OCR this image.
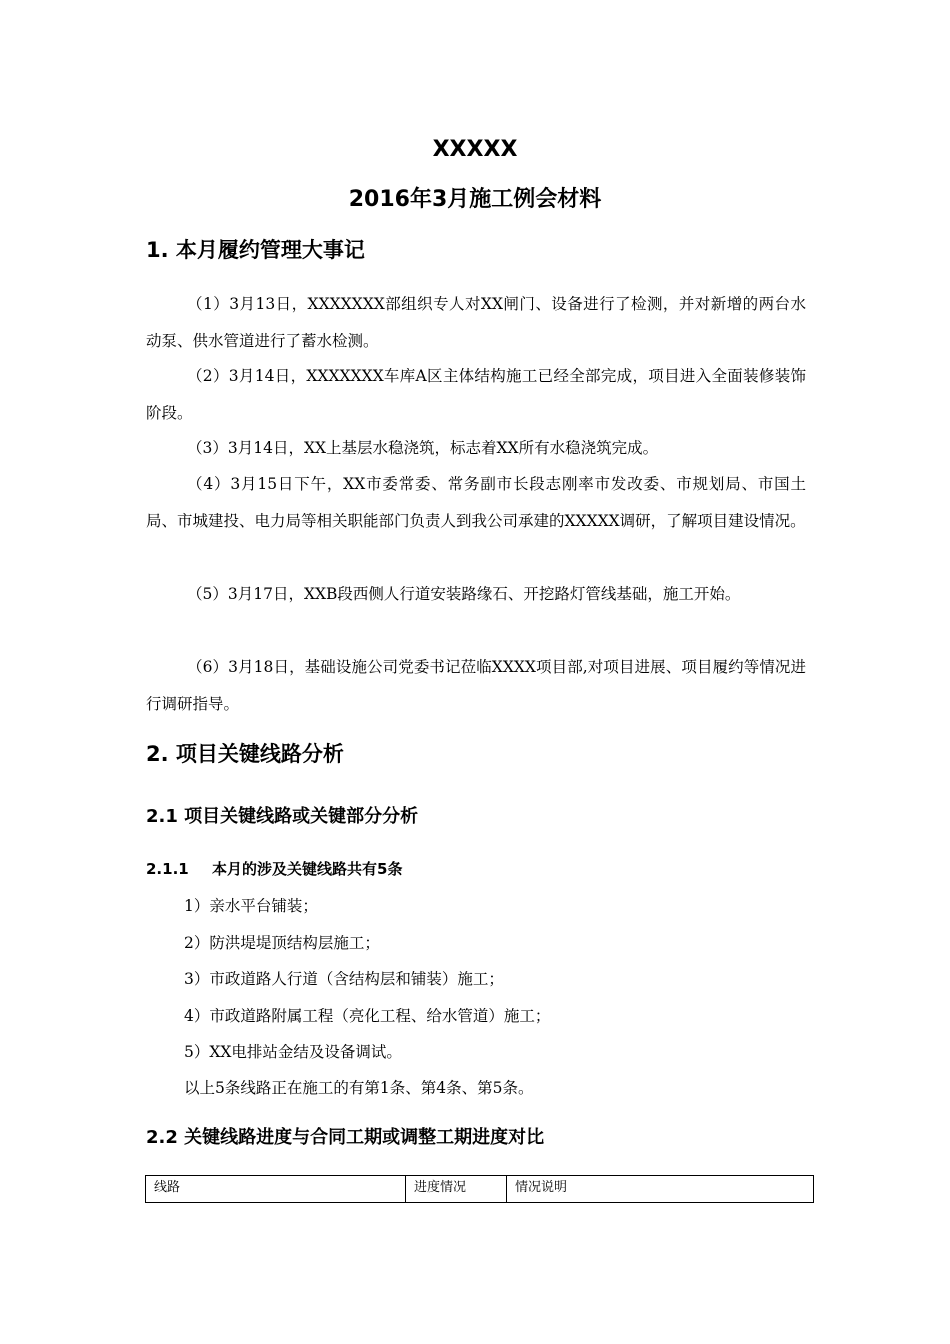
XXXXX
2016年3月施工例会材料
1. 本月履约管理大事记

（1）3月13日，XXXXXXX部组织专人对XX闸门、设备进行了检测，并对新增的两台水动泵、供水管道进行了蓄水检测。

（2）3月14日，XXXXXXX车库A区主体结构施工已经全部完成，项目进入全面装修装饰阶段。

（3）3月14日，XX上基层水稳浇筑，标志着XX所有水稳浇筑完成。

（4）3月15日下午，XX市委常委、常务副市长段志刚率市发改委、市规划局、市国土局、市城建投、电力局等相关职能部门负责人到我公司承建的XXXXX调研，了解项目建设情况。

（5）3月17日，XXB段西侧人行道安装路缘石、开挖路灯管线基础，施工开始。

（6）3月18日，基础设施公司党委书记莅临XXXX项目部,对项目进展、项目履约等情况进行调研指导。

2. 项目关键线路分析
2.1 项目关键线路或关键部分分析
2.1.1 本月的涉及关键线路共有5条
1）亲水平台铺装；
2）防洪堤堤顶结构层施工；
3）市政道路人行道（含结构层和铺装）施工；
4）市政道路附属工程（亮化工程、给水管道）施工；
5）XX电排站金结及设备调试。
以上5条线路正在施工的有第1条、第4条、第5条。
2.2 关键线路进度与合同工期或调整工期进度对比
线路	进度情况	情况说明
